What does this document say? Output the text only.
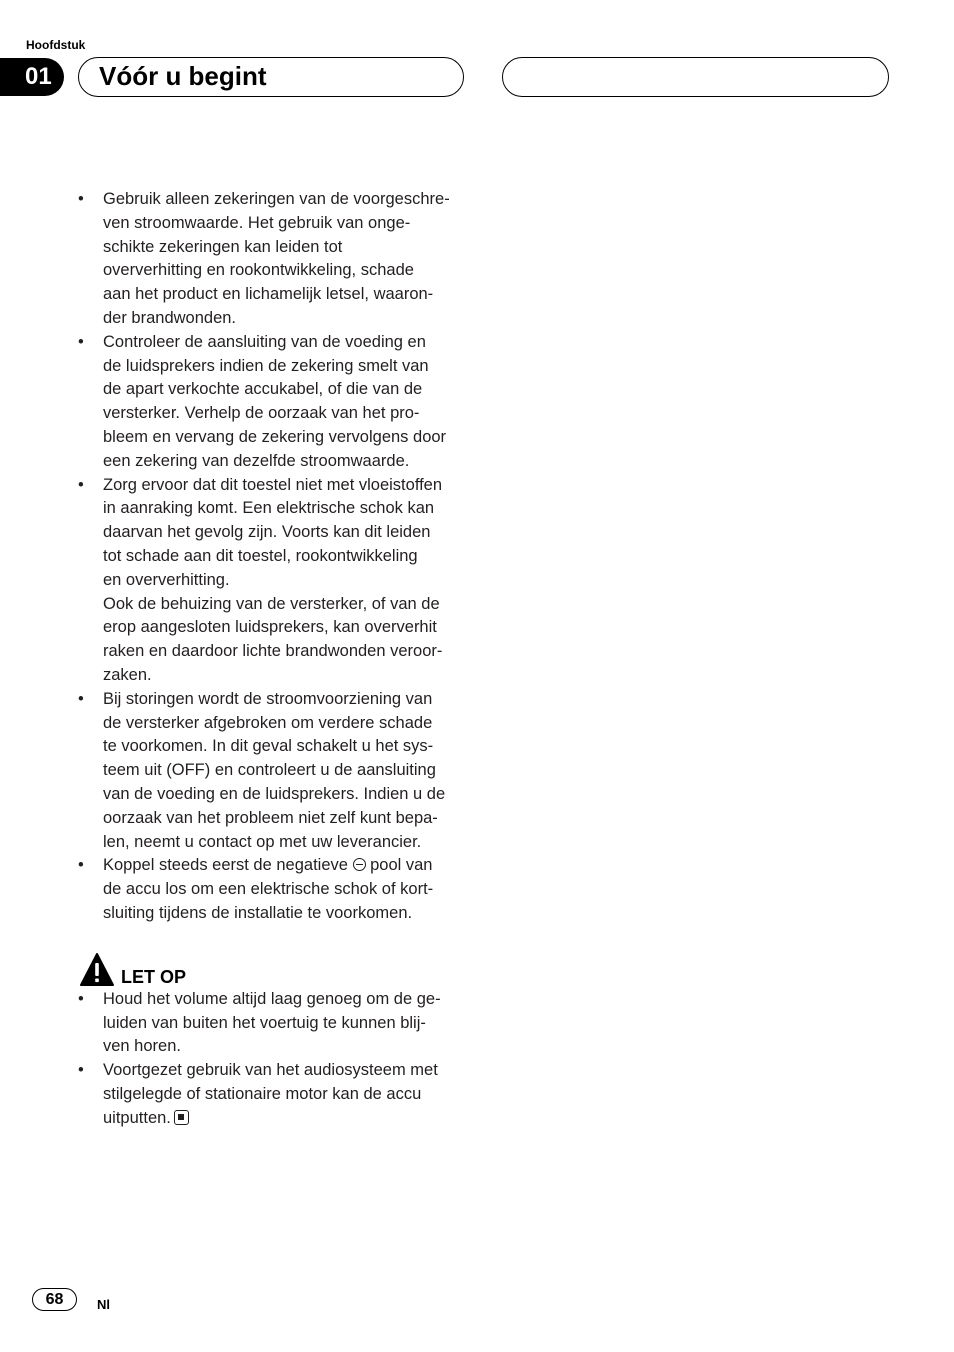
Hoofdstuk
01	Vóór u begint
•	Gebruik alleen zekeringen van de voorgeschre-
ven stroomwaarde. Het gebruik van onge-
schikte zekeringen kan leiden tot
oververhitting en rookontwikkeling, schade
aan het product en lichamelijk letsel, waaron-
der brandwonden.
•	Controleer de aansluiting van de voeding en
de luidsprekers indien de zekering smelt van
de apart verkochte accukabel, of die van de
versterker. Verhelp de oorzaak van het pro-
bleem en vervang de zekering vervolgens door
een zekering van dezelfde stroomwaarde.
•	Zorg ervoor dat dit toestel niet met vloeistoffen
in aanraking komt. Een elektrische schok kan
daarvan het gevolg zijn. Voorts kan dit leiden
tot schade aan dit toestel, rookontwikkeling
en oververhitting.
Ook de behuizing van de versterker, of van de
erop aangesloten luidsprekers, kan oververhit
raken en daardoor lichte brandwonden veroor-
zaken.
•	Bij storingen wordt de stroomvoorziening van
de versterker afgebroken om verdere schade
te voorkomen. In dit geval schakelt u het sys-
teem uit (OFF) en controleert u de aansluiting
van de voeding en de luidsprekers. Indien u de
oorzaak van het probleem niet zelf kunt bepa-
len, neemt u contact op met uw leverancier.
•	Koppel steeds eerst de negatieve  pool van
de accu los om een elektrische schok of kort-
sluiting tijdens de installatie te voorkomen.
LET OP
•	Houd het volume altijd laag genoeg om de ge-
luiden van buiten het voertuig te kunnen blij-
ven horen.
•	Voortgezet gebruik van het audiosysteem met
stilgelegde of stationaire motor kan de accu
uitputten.
68	Nl
